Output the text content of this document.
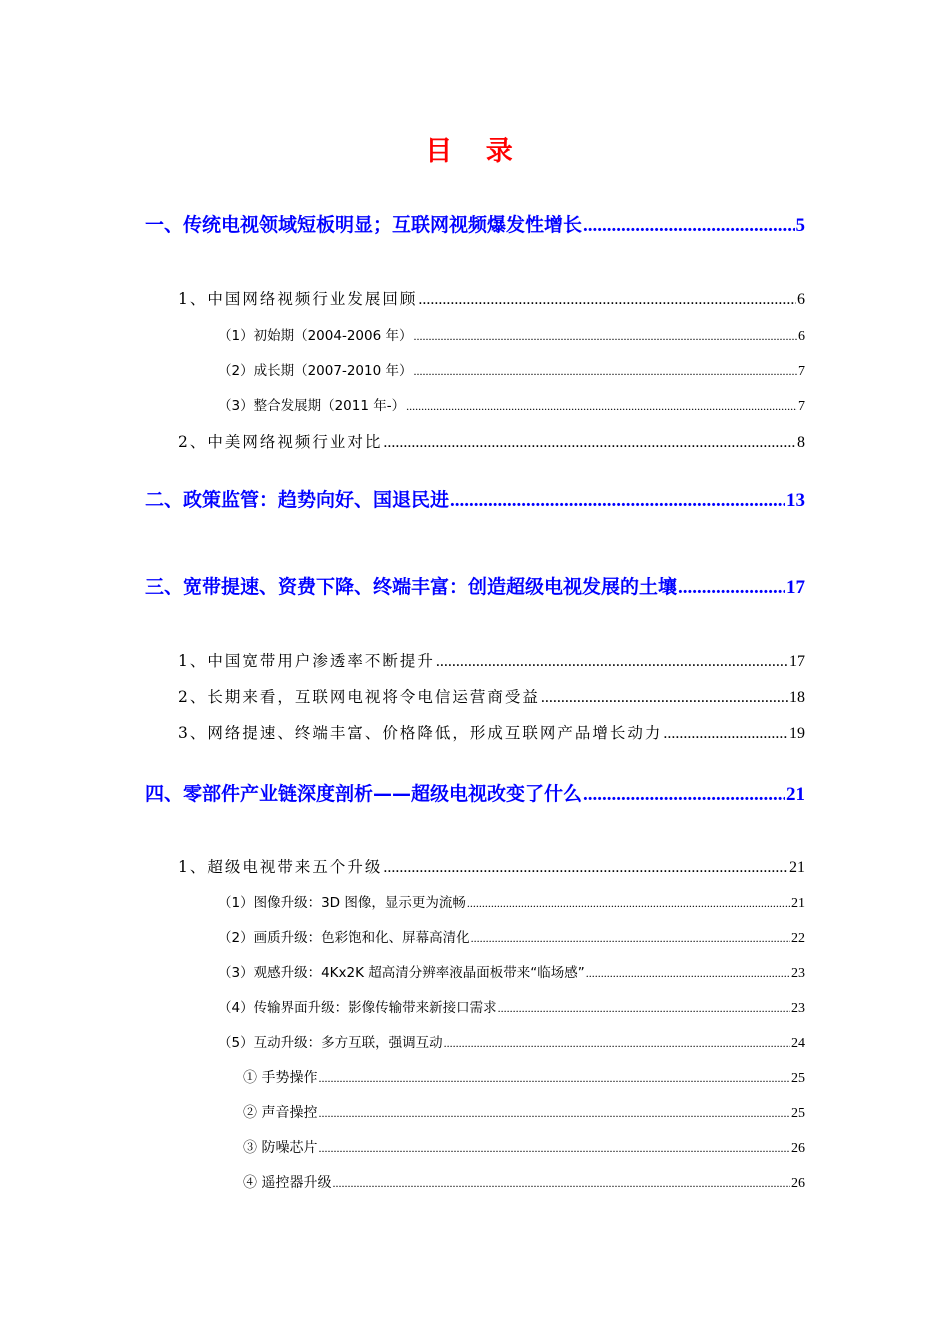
目 录
一、传统电视领域短板明显；互联网视频爆发性增长 .....	5
1、中国网络视频行业发展回顾 .....	6
（1）初始期（2004-2006 年） .....	6
（2）成长期（2007-2010 年） .....	7
（3）整合发展期（2011 年-） .....	7
2、中美网络视频行业对比 .....	8
二、政策监管：趋势向好、国退民进 .....	13
三、宽带提速、资费下降、终端丰富：创造超级电视发展的土壤 .....	17
1、中国宽带用户渗透率不断提升 .....	17
2、长期来看，互联网电视将令电信运营商受益 .....	18
3、网络提速、终端丰富、价格降低，形成互联网产品增长动力 .....	19
四、零部件产业链深度剖析——超级电视改变了什么 .....	21
1、超级电视带来五个升级 .....	21
（1）图像升级：3D 图像，显示更为流畅 .....	21
（2）画质升级：色彩饱和化、屏幕高清化 .....	22
（3）观感升级：4Kx2K 超高清分辨率液晶面板带来“临场感” .....	23
（4）传输界面升级：影像传输带来新接口需求 .....	23
（5）互动升级：多方互联，强调互动 .....	24
① 手势操作 .....	25
② 声音操控 .....	25
③ 防噪芯片 .....	26
④ 遥控器升级 .....	26
